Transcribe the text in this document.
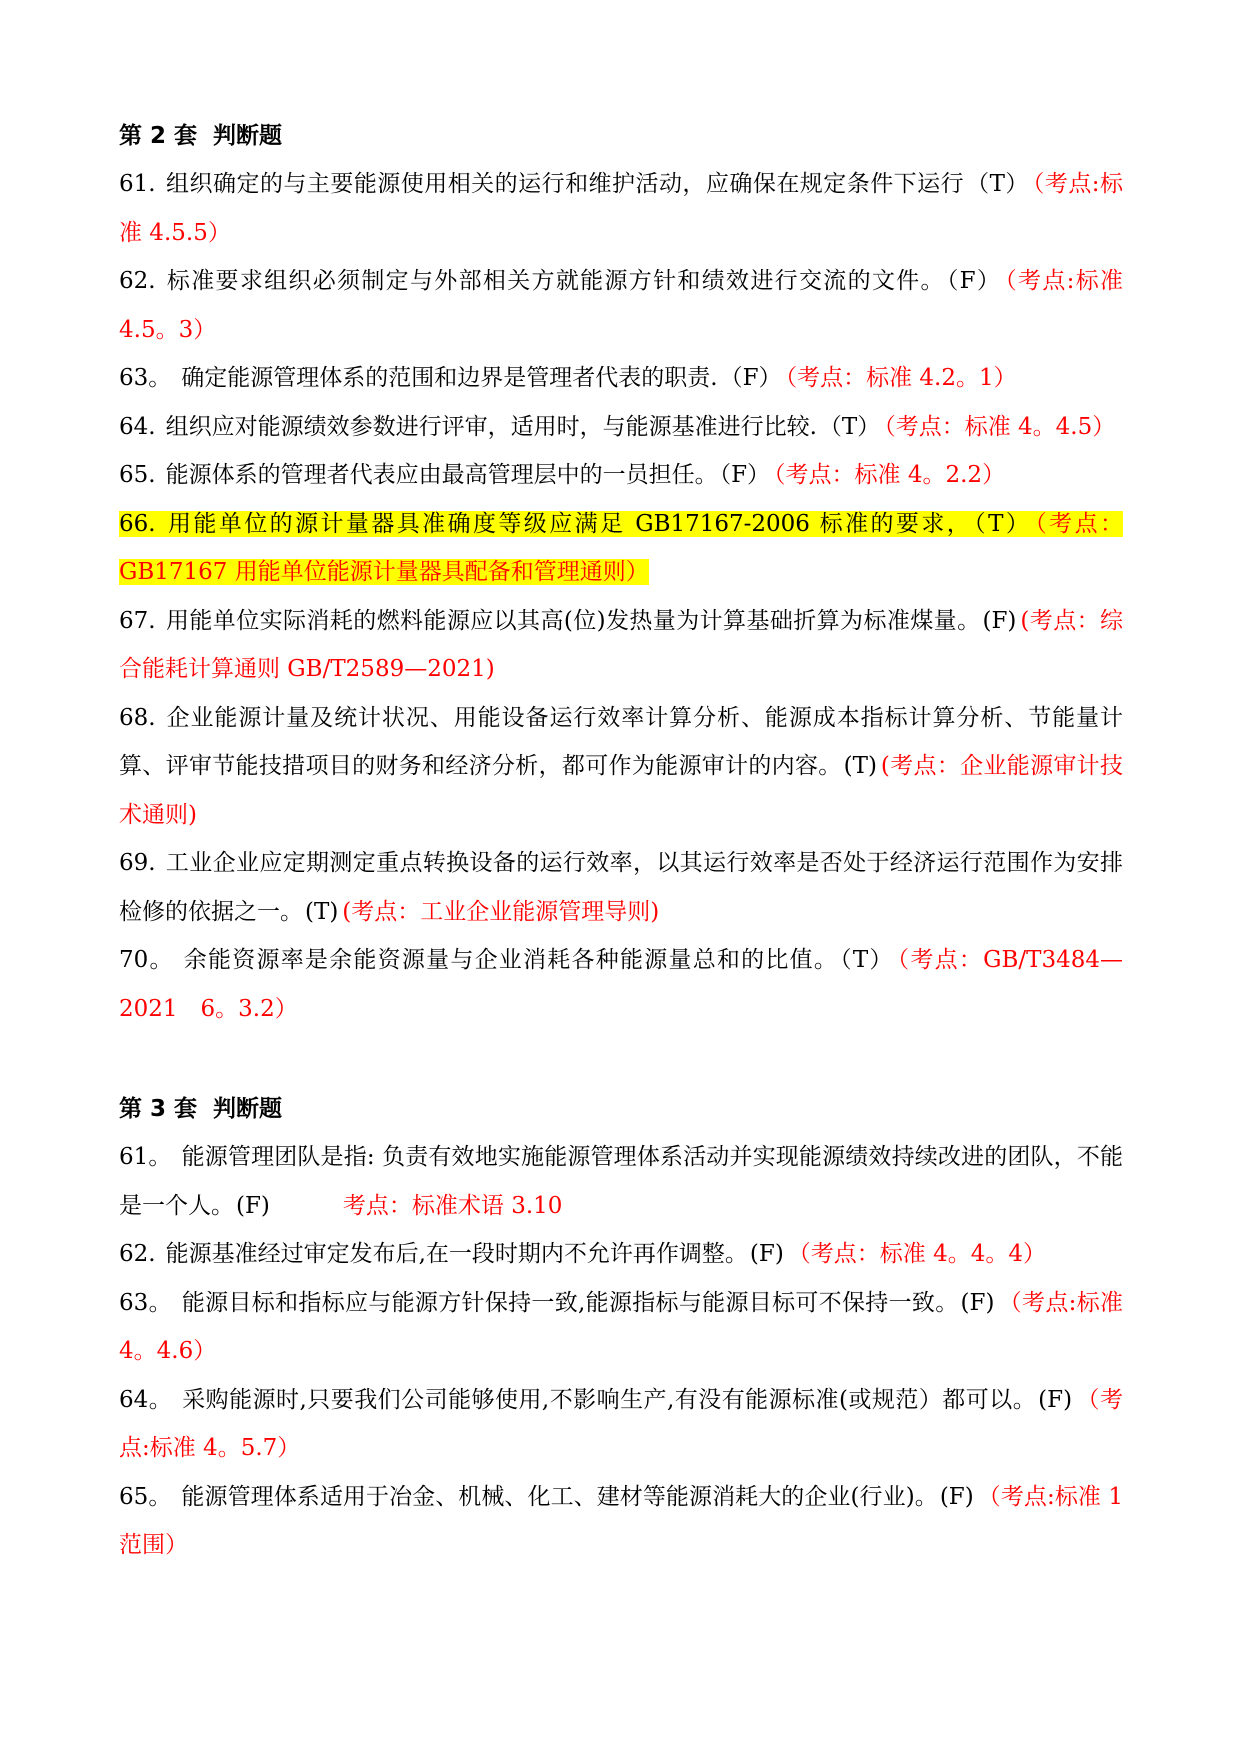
第 2 套 判断题

61. 组织确定的与主要能源使用相关的运行和维护活动，应确保在规定条件下运行（T） （考点:标准 4.5.5）

62. 标准要求组织必须制定与外部相关方就能源方针和绩效进行交流的文件。（F） （考点:标准 4.5。3）

63。 确定能源管理体系的范围和边界是管理者代表的职责.（F） （考点：标准 4.2。1）

64. 组织应对能源绩效参数进行评审，适用时，与能源基准进行比较.（T） （考点：标准 4。4.5）

65. 能源体系的管理者代表应由最高管理层中的一员担任。（F） （考点：标准 4。2.2）

66. 用能单位的源计量器具准确度等级应满足 GB17167-2006 标准的要求，（T） （考点：GB17167 用能单位能源计量器具配备和管理通则）

67. 用能单位实际消耗的燃料能源应以其高(位)发热量为计算基础折算为标准煤量。(F) (考点：综合能耗计算通则 GB/T2589—2021)

68. 企业能源计量及统计状况、用能设备运行效率计算分析、能源成本指标计算分析、节能量计算、评审节能技措项目的财务和经济分析，都可作为能源审计的内容。(T) (考点：企业能源审计技术通则)

69. 工业企业应定期测定重点转换设备的运行效率，以其运行效率是否处于经济运行范围作为安排检修的依据之一。(T) (考点：工业企业能源管理导则)

70。 余能资源率是余能资源量与企业消耗各种能源量总和的比值。（T） （考点：GB/T3484—2021　6。3.2）

第 3 套 判断题

61。 能源管理团队是指: 负责有效地实施能源管理体系活动并实现能源绩效持续改进的团队，不能是一个人。(F)　　　考点：标准术语 3.10

62. 能源基准经过审定发布后,在一段时期内不允许再作调整。(F) （考点：标准 4。4。4）

63。 能源目标和指标应与能源方针保持一致,能源指标与能源目标可不保持一致。(F) （考点:标准 4。4.6）

64。 采购能源时,只要我们公司能够使用,不影响生产,有没有能源标准(或规范）都可以。(F) （考点:标准 4。5.7）

65。 能源管理体系适用于冶金、机械、化工、建材等能源消耗大的企业(行业)。(F) （考点:标准 1　范围）
